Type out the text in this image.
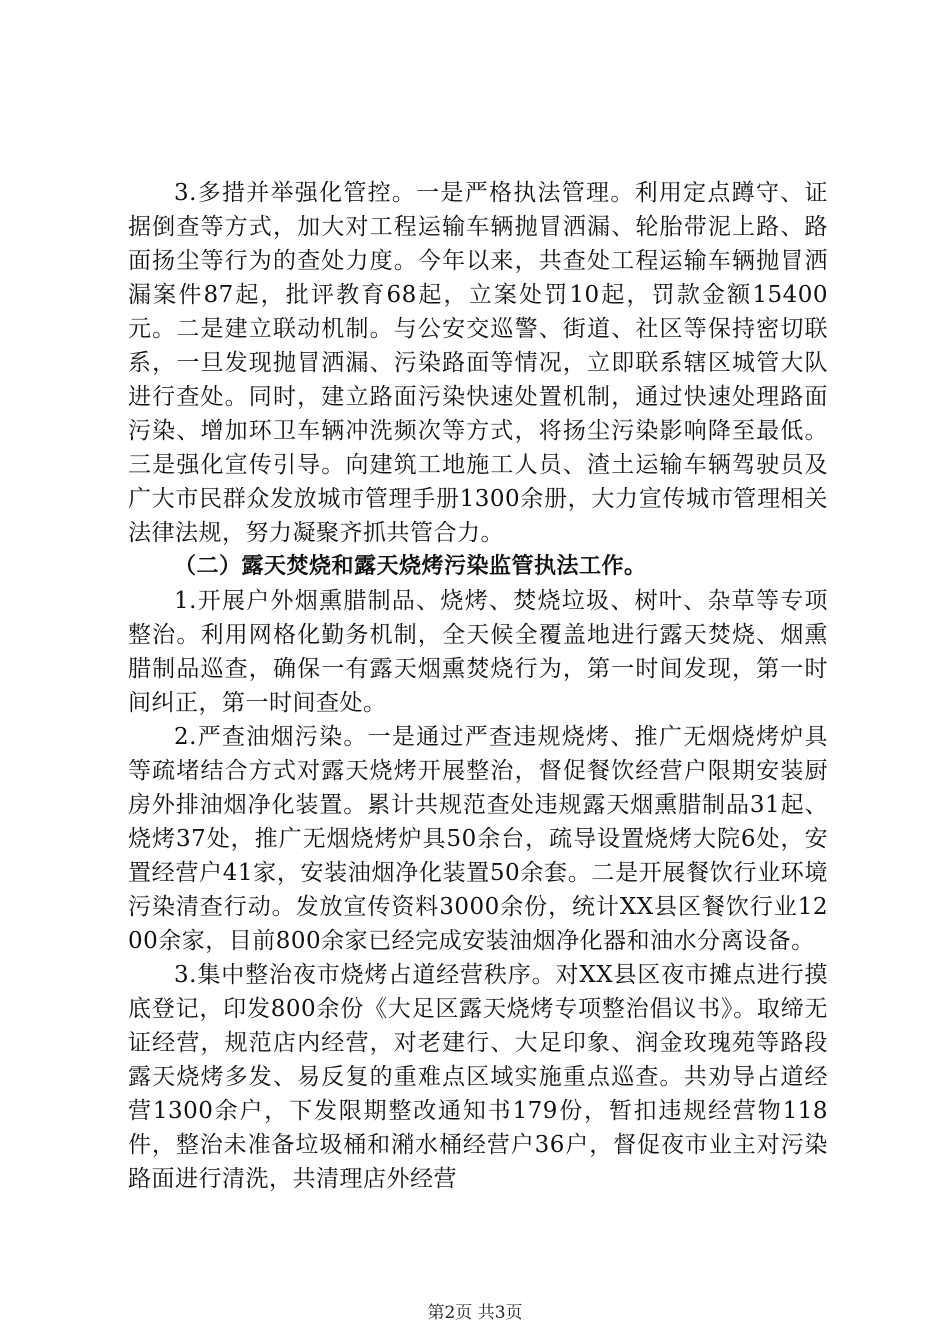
3.多措并举强化管控。一是严格执法管理。利用定点蹲守、证据倒查等方式，加大对工程运输车辆抛冒洒漏、轮胎带泥上路、路面扬尘等行为的查处力度。今年以来，共查处工程运输车辆抛冒洒漏案件87起，批评教育68起，立案处罚10起，罚款金额15400元。二是建立联动机制。与公安交巡警、街道、社区等保持密切联系，一旦发现抛冒洒漏、污染路面等情况，立即联系辖区城管大队进行查处。同时，建立路面污染快速处置机制，通过快速处理路面污染、增加环卫车辆冲洗频次等方式，将扬尘污染影响降至最低。三是强化宣传引导。向建筑工地施工人员、渣土运输车辆驾驶员及广大市民群众发放城市管理手册1300余册，大力宣传城市管理相关法律法规，努力凝聚齐抓共管合力。

（二）露天焚烧和露天烧烤污染监管执法工作。

1.开展户外烟熏腊制品、烧烤、焚烧垃圾、树叶、杂草等专项整治。利用网格化勤务机制，全天候全覆盖地进行露天焚烧、烟熏腊制品巡查，确保一有露天烟熏焚烧行为，第一时间发现，第一时间纠正，第一时间查处。

2.严查油烟污染。一是通过严查违规烧烤、推广无烟烧烤炉具等疏堵结合方式对露天烧烤开展整治，督促餐饮经营户限期安装厨房外排油烟净化装置。累计共规范查处违规露天烟熏腊制品31起、烧烤37处，推广无烟烧烤炉具50余台，疏导设置烧烤大院6处，安置经营户41家，安装油烟净化装置50余套。二是开展餐饮行业环境污染清查行动。发放宣传资料3000余份，统计XX县区餐饮行业1200余家，目前800余家已经完成安装油烟净化器和油水分离设备。

3.集中整治夜市烧烤占道经营秩序。对XX县区夜市摊点进行摸底登记，印发800余份《大足区露天烧烤专项整治倡议书》。取缔无证经营，规范店内经营，对老建行、大足印象、润金玫瑰苑等路段露天烧烤多发、易反复的重难点区域实施重点巡查。共劝导占道经营1300余户，下发限期整改通知书179份，暂扣违规经营物118件，整治未准备垃圾桶和潲水桶经营户36户，督促夜市业主对污染路面进行清洗，共清理店外经营

第2页 共3页
